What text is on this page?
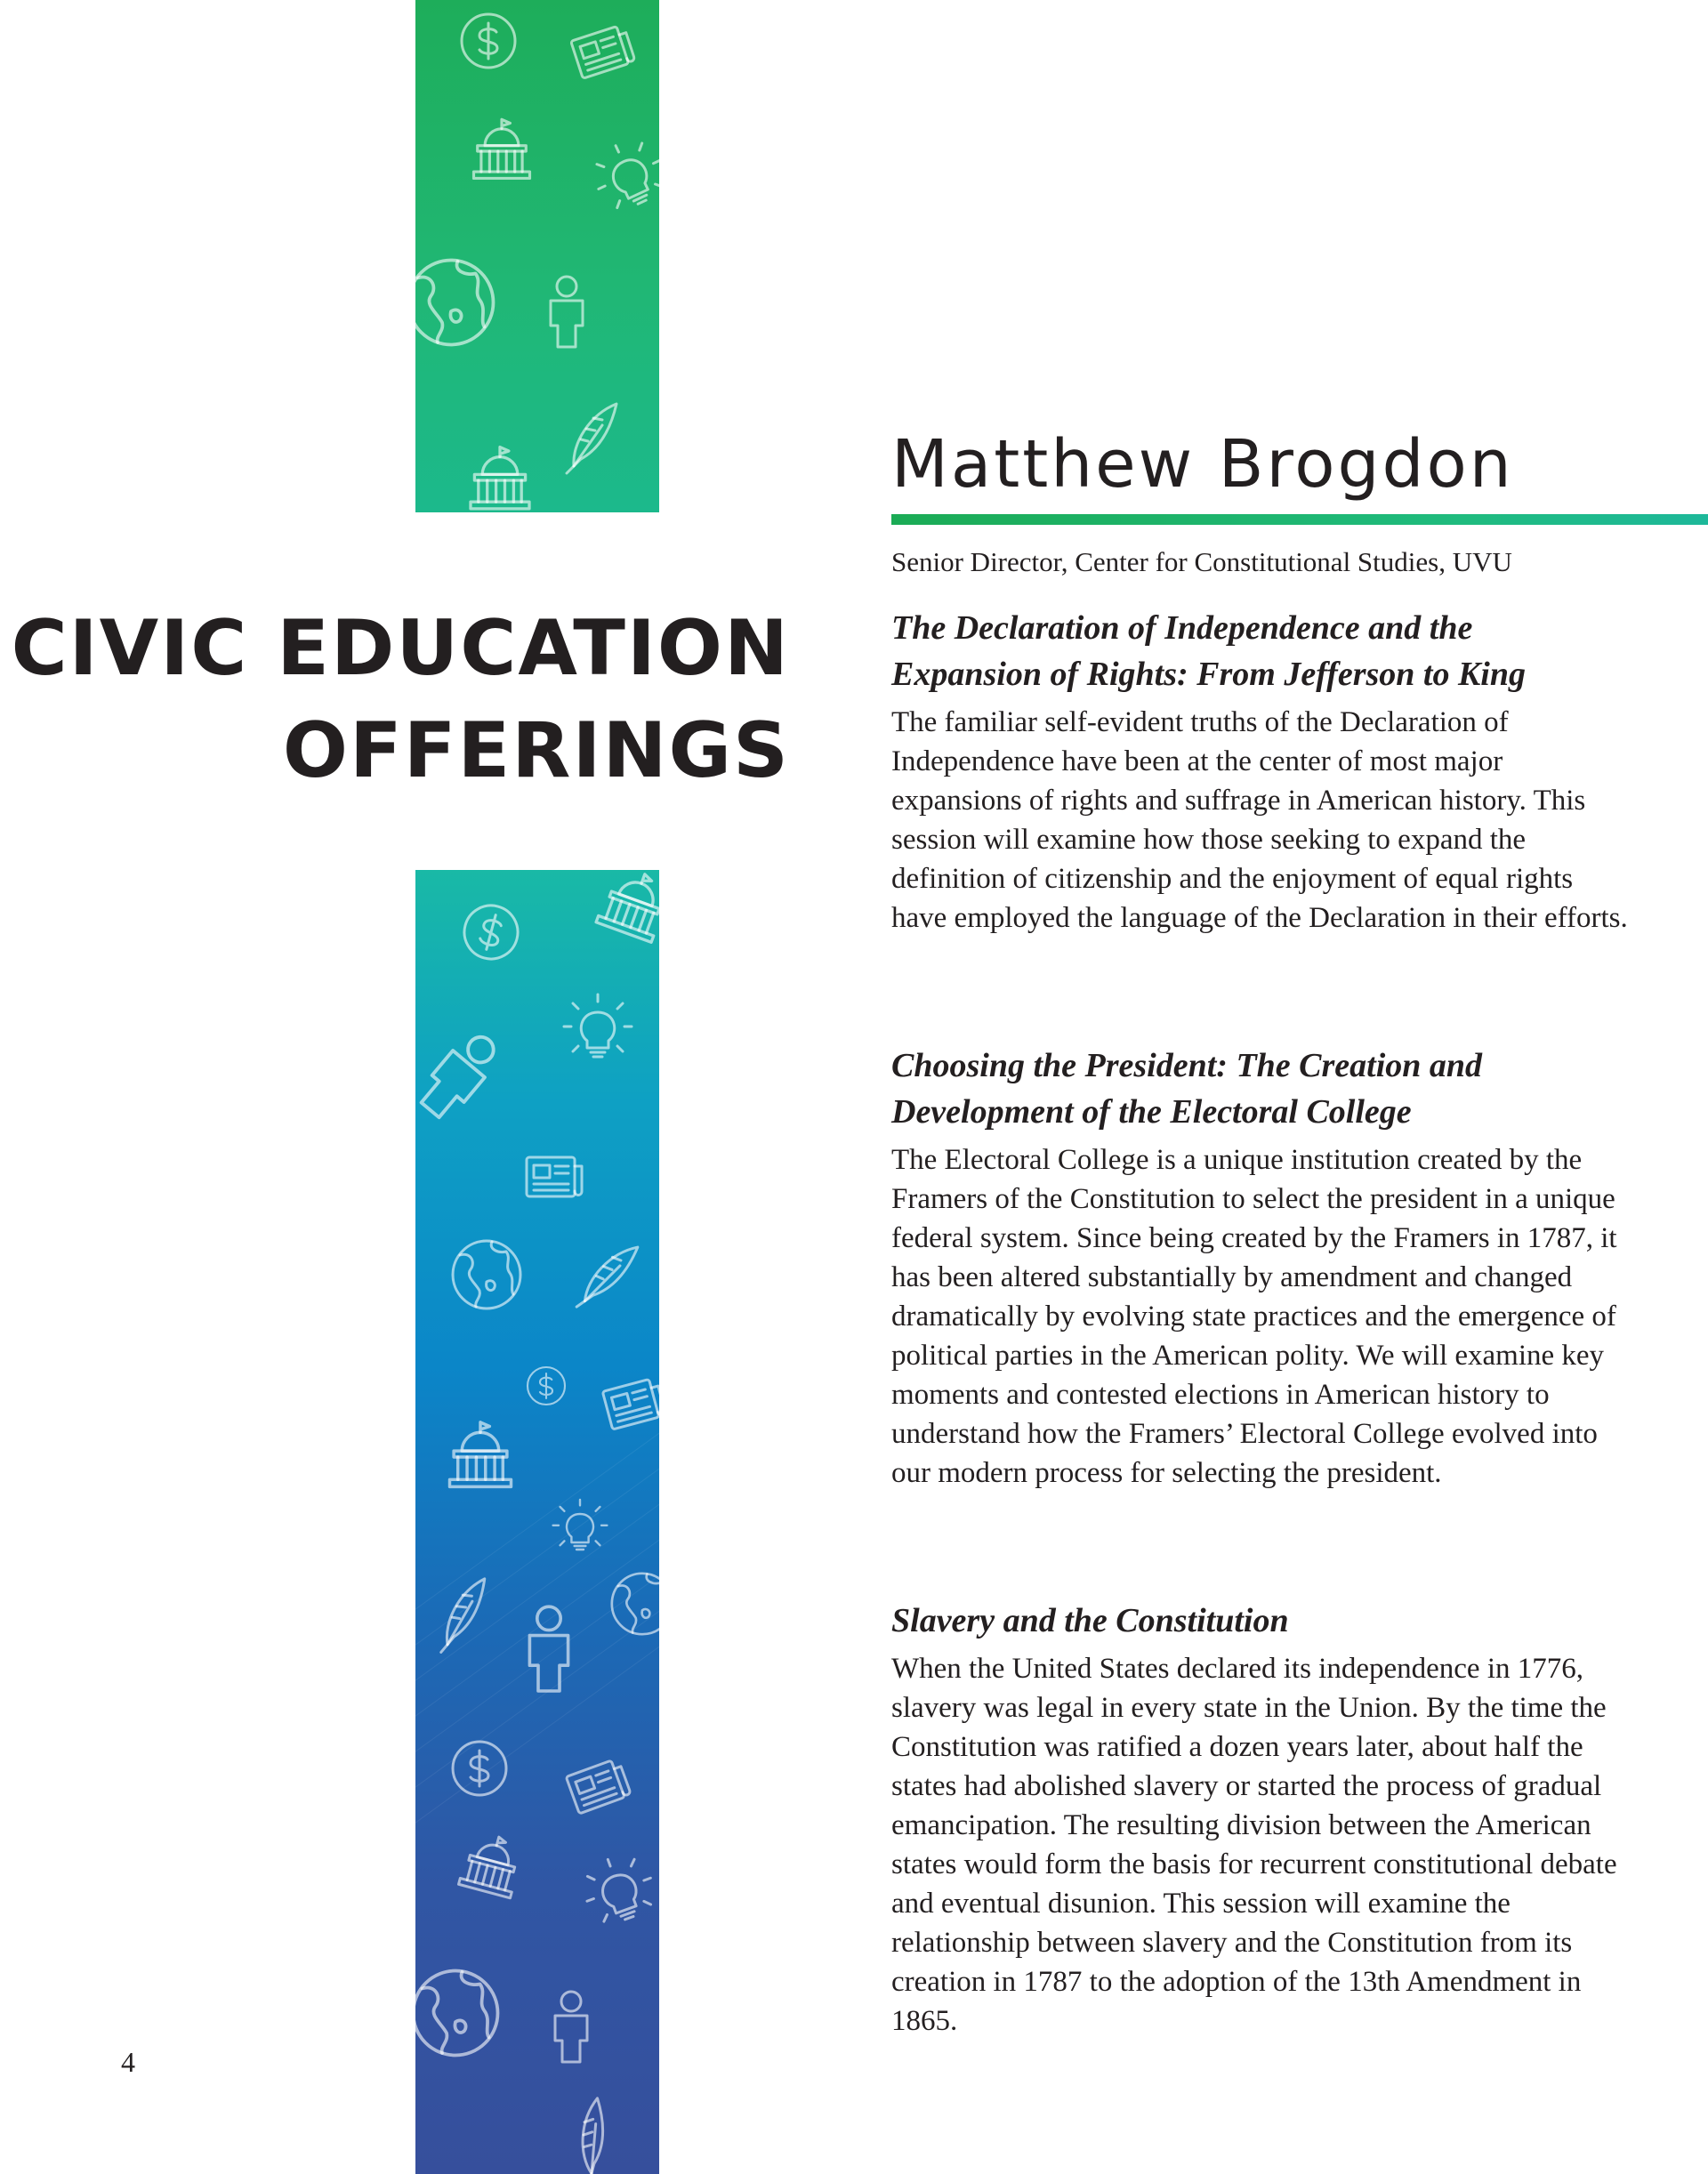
CIVIC EDUCATION
OFFERINGS
Matthew Brogdon

Senior Director, Center for Constitutional Studies, UVU

The Declaration of Independence and the
Expansion of Rights: From Jefferson to King

The familiar self-evident truths of the Declaration of Independence have been at the center of most major expansions of rights and suffrage in American history. This session will examine how those seeking to expand the definition of citizenship and the enjoyment of equal rights have employed the language of the Declaration in their efforts.

Choosing the President: The Creation and
Development of the Electoral College

The Electoral College is a unique institution created by the Framers of the Constitution to select the president in a unique federal system. Since being created by the Framers in 1787, it has been altered substantially by amendment and changed dramatically by evolving state practices and the emergence of political parties in the American polity. We will examine key moments and contested elections in American history to understand how the Framers’ Electoral College evolved into our modern process for selecting the president.

Slavery and the Constitution

When the United States declared its independence in 1776, slavery was legal in every state in the Union. By the time the Constitution was ratified a dozen years later, about half the states had abolished slavery or started the process of gradual emancipation. The resulting division between the American states would form the basis for recurrent constitutional debate and eventual disunion. This session will examine the relationship between slavery and the Constitution from its creation in 1787 to the adoption of the 13th Amendment in 1865.

4
